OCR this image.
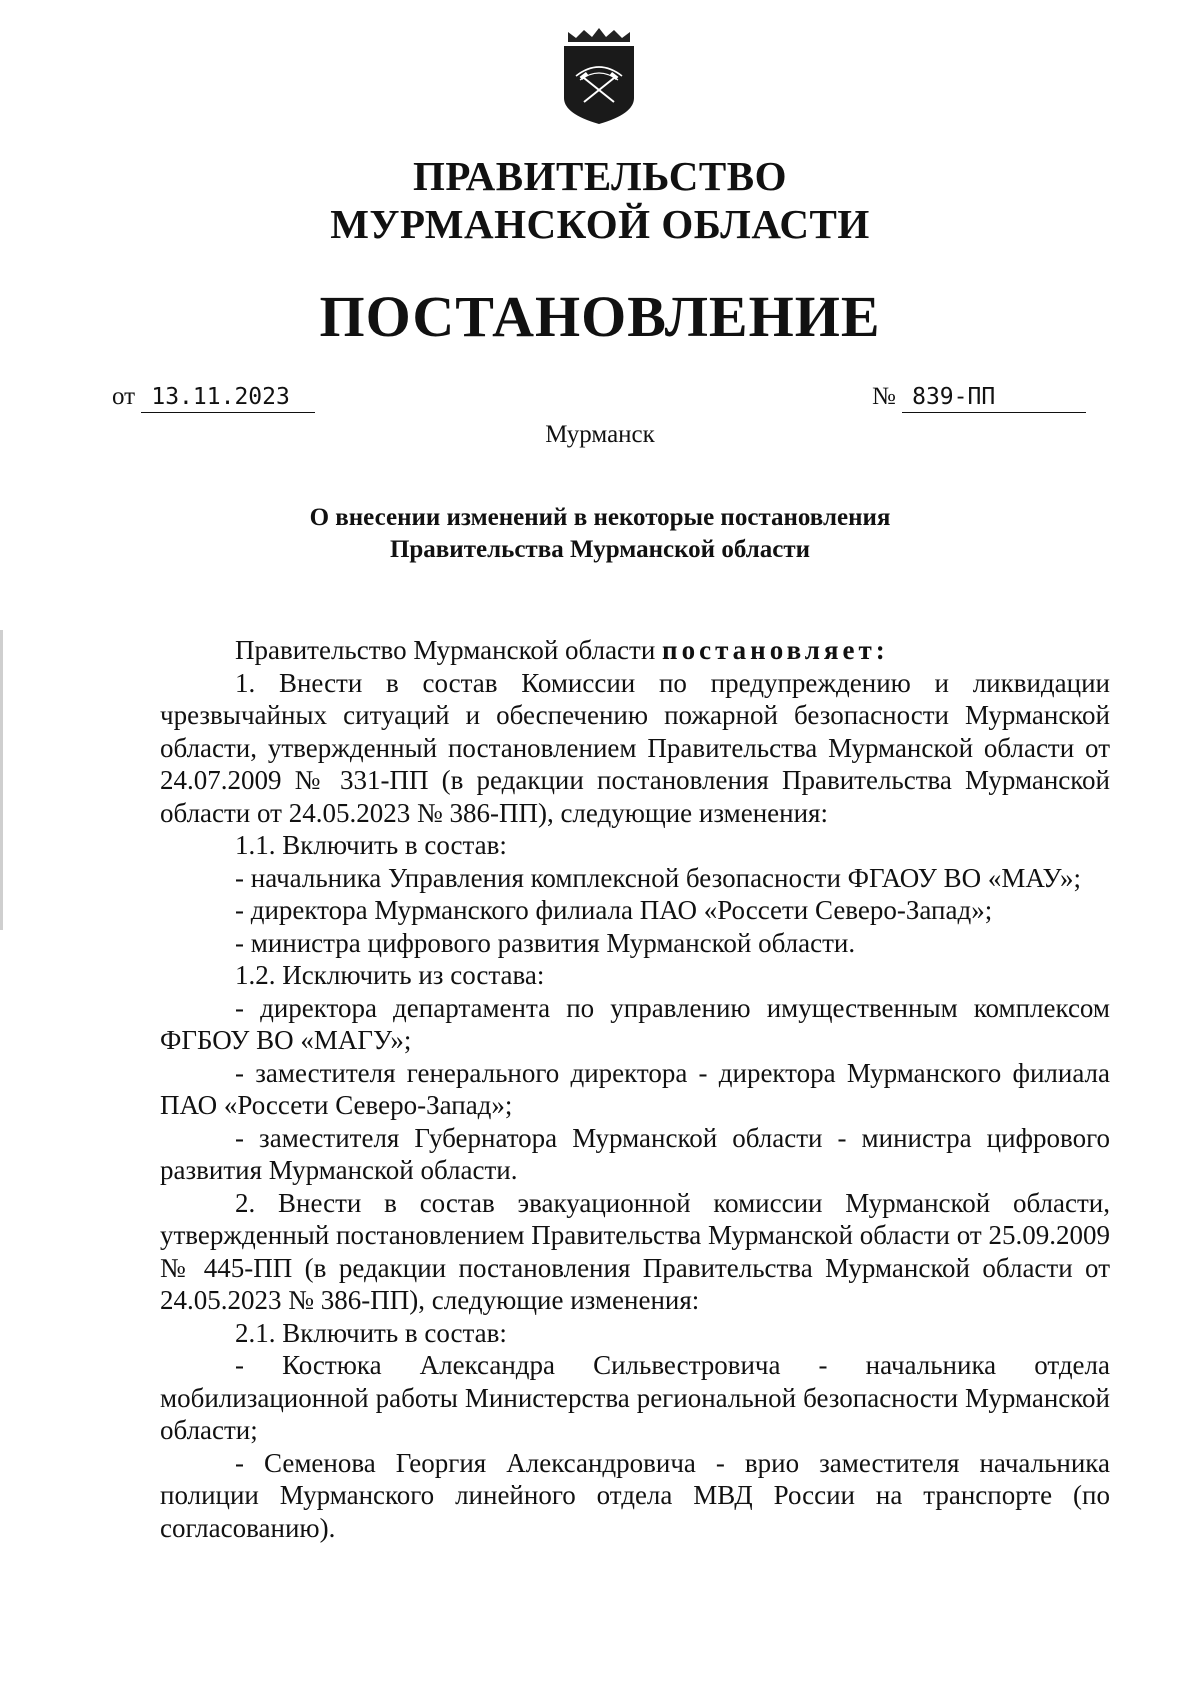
ПРАВИТЕЛЬСТВО
МУРМАНСКОЙ ОБЛАСТИ
ПОСТАНОВЛЕНИЕ
от 13.11.2023	№ 839-ПП
Мурманск
О внесении изменений в некоторые постановления
Правительства Мурманской области

Правительство Мурманской области постановляет:

1. Внести в состав Комиссии по предупреждению и ликвидации чрезвычайных ситуаций и обеспечению пожарной безопасности Мурманской области, утвержденный постановлением Правительства Мурманской области от 24.07.2009 № 331-ПП (в редакции постановления Правительства Мурманской области от 24.05.2023 № 386-ПП), следующие изменения:

1.1. Включить в состав:

- начальника Управления комплексной безопасности ФГАОУ ВО «МАУ»;

- директора Мурманского филиала ПАО «Россети Северо-Запад»;

- министра цифрового развития Мурманской области.

1.2. Исключить из состава:

- директора департамента по управлению имущественным комплексом ФГБОУ ВО «МАГУ»;

- заместителя генерального директора - директора Мурманского филиала ПАО «Россети Северо-Запад»;

- заместителя Губернатора Мурманской области - министра цифрового развития Мурманской области.

2. Внести в состав эвакуационной комиссии Мурманской области, утвержденный постановлением Правительства Мурманской области от 25.09.2009 № 445-ПП (в редакции постановления Правительства Мурманской области от 24.05.2023 № 386-ПП), следующие изменения:

2.1. Включить в состав:

- Костюка Александра Сильвестровича - начальника отдела мобилизационной работы Министерства региональной безопасности Мурманской области;

- Семенова Георгия Александровича - врио заместителя начальника полиции Мурманского линейного отдела МВД России на транспорте (по согласованию).
